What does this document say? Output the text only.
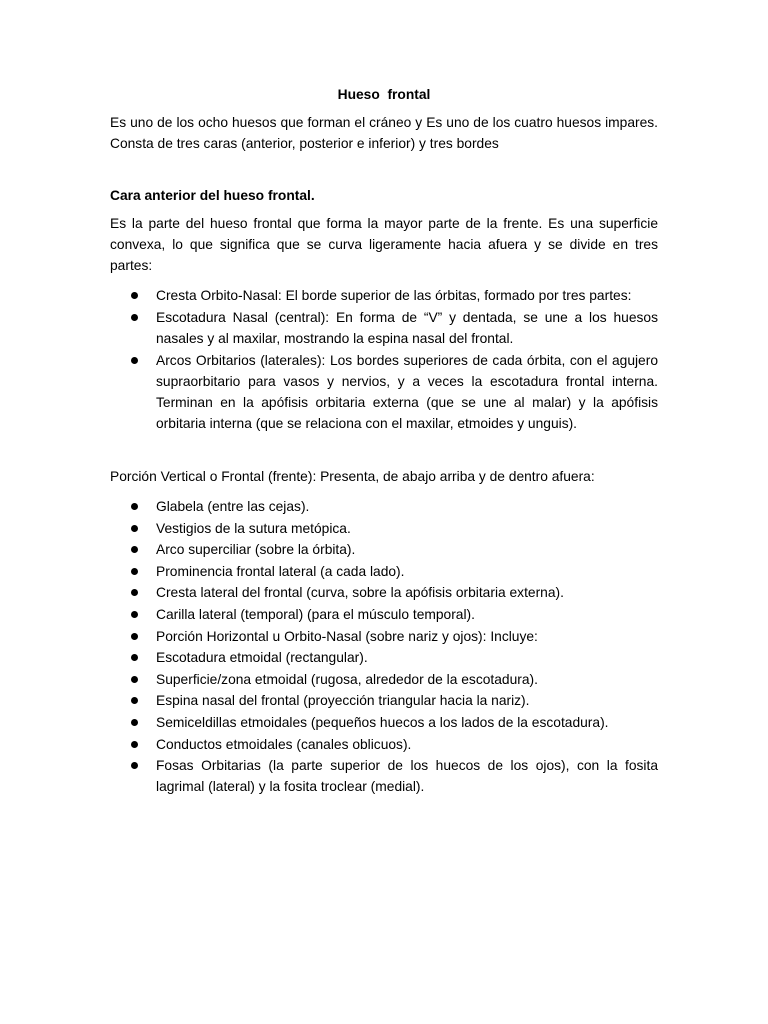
Hueso  frontal

Es uno de los ocho huesos que forman el cráneo y Es uno de los cuatro huesos impares. Consta de tres caras (anterior, posterior e inferior) y tres bordes

Cara anterior del hueso frontal.

Es la parte del hueso frontal que forma la mayor parte de la frente. Es una superficie convexa, lo que significa que se curva ligeramente hacia afuera y se divide en tres partes:

Cresta Orbito-Nasal: El borde superior de las órbitas, formado por tres partes:
Escotadura Nasal (central): En forma de “V” y dentada, se une a los huesos nasales y al maxilar, mostrando la espina nasal del frontal.
Arcos Orbitarios (laterales): Los bordes superiores de cada órbita, con el agujero supraorbitario para vasos y nervios, y a veces la escotadura frontal interna. Terminan en la apófisis orbitaria externa (que se une al malar) y la apófisis orbitaria interna (que se relaciona con el maxilar, etmoides y unguis).

Porción Vertical o Frontal (frente): Presenta, de abajo arriba y de dentro afuera:

Glabela (entre las cejas).
Vestigios de la sutura metópica.
Arco superciliar (sobre la órbita).
Prominencia frontal lateral (a cada lado).
Cresta lateral del frontal (curva, sobre la apófisis orbitaria externa).
Carilla lateral (temporal) (para el músculo temporal).
Porción Horizontal u Orbito-Nasal (sobre nariz y ojos): Incluye:
Escotadura etmoidal (rectangular).
Superficie/zona etmoidal (rugosa, alrededor de la escotadura).
Espina nasal del frontal (proyección triangular hacia la nariz).
Semiceldillas etmoidales (pequeños huecos a los lados de la escotadura).
Conductos etmoidales (canales oblicuos).
Fosas Orbitarias (la parte superior de los huecos de los ojos), con la fosita lagrimal (lateral) y la fosita troclear (medial).
